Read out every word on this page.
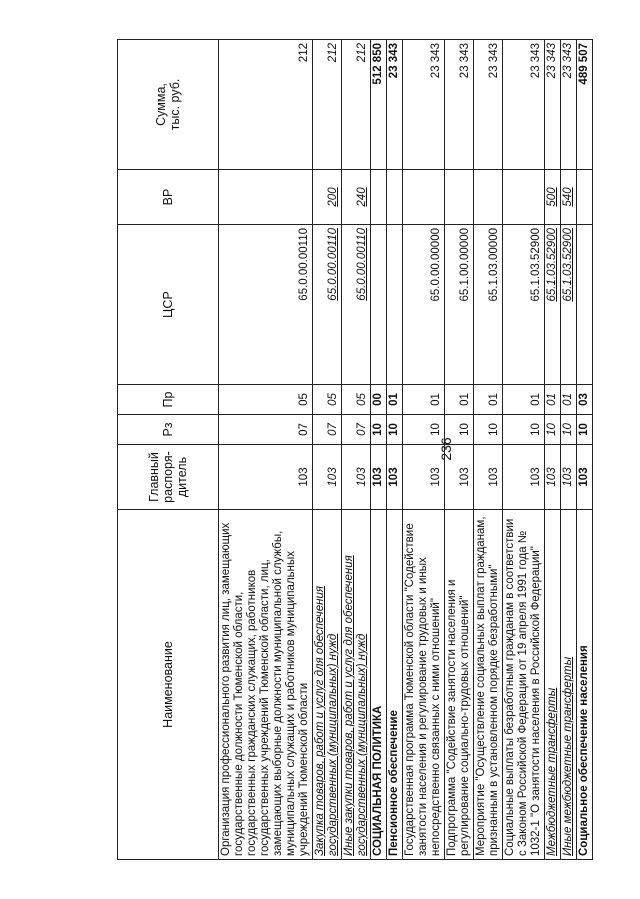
236
Наименование	Главный
распоря-
дитель	Рз	Пр	ЦСР	ВР	Сумма,
тыс. руб.
Организация профессионального развития лиц, замещающих государственные должности Тюменской области, государственных гражданских служащих, работников государственных учреждений Тюменской области, лиц, замещающих выборные должности муниципальной службы, муниципальных служащих и работников муниципальных учреждений Тюменской области	103	07	05	65.0.00.00110		212
Закупка товаров, работ и услуг для обеспечения государственных (муниципальных) нужд	103	07	05	65.0.00.00110	200	212
Иные закупки товаров, работ и услуг для обеспечения государственных (муниципальных) нужд	103	07	05	65.0.00.00110	240	212
СОЦИАЛЬНАЯ ПОЛИТИКА	103	10	00			512 850
Пенсионное обеспечение	103	10	01			23 343
Государственная программа Тюменской области "Содействие занятости населения и регулирование трудовых и иных непосредственно связанных с ними отношений"	103	10	01	65.0.00.00000		23 343
Подпрограмма "Содействие занятости населения и регулирование социально-трудовых отношений"	103	10	01	65.1.00.00000		23 343
Мероприятие "Осуществление социальных выплат гражданам, признанным в установленном порядке безработными"	103	10	01	65.1.03.00000		23 343
Социальные выплаты безработным гражданам в соответствии с Законом Российской Федерации от 19 апреля 1991 года № 1032-1 "О занятости населения в Российской Федерации"	103	10	01	65.1.03.52900		23 343
Межбюджетные трансферты	103	10	01	65.1.03.52900	500	23 343
Иные межбюджетные трансферты	103	10	01	65.1.03.52900	540	23 343
Социальное обеспечение населения	103	10	03			489 507
